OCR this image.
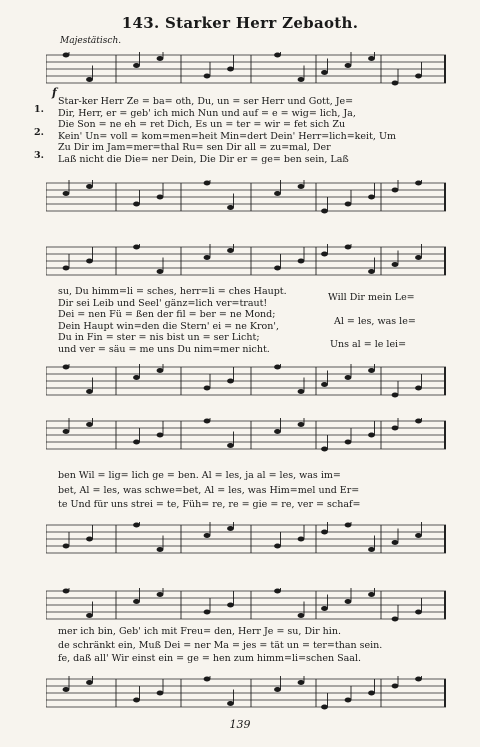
143. Starker Herr Zebaoth.
Majestätisch.
f
1.
2.
3.
Star-ker Herr Ze = ba= oth, Du, un = ser Herr und Gott, Je=
Dir, Herr, er = geb' ich mich Nun und auf = e = wig= lich, Ja,
Die Son = ne eh = ret Dich, Es un = ter = wir = fet sich Zu
Kein' Un= voll = kom=men=heit Min=dert Dein' Herr=lich=keit, Um
Zu Dir im Jam=mer=thal Ru= sen Dir all = zu=mal, Der
Laß nicht die Die= ner Dein, Die Dir er = ge= ben sein, Laß
su, Du himm=li = sches, herr=li = ches Haupt.
Dir sei Leib und Seel' gänz=lich ver=traut!
Dei = nen Fü = ßen der fil = ber = ne Mond;
Dein Haupt win=den die Stern' ei = ne Kron',
Du in Fin = ster = nis bist un = ser Licht;
und ver = säu = me uns Du nim=mer nicht.
Will Dir mein Le=
Al = les, was le=
Uns al = le lei=
ben Wil = lig= lich ge = ben. Al = les, ja al = les, was im=
bet, Al = les, was schwe=bet, Al = les, was Him=mel und Er=
te Und für uns strei = te, Füh= re, re = gie = re, ver = schaf=
mer ich bin, Geb' ich mit Freu= den, Herr Je = su, Dir hin.
de schränkt ein, Muß Dei = ner Ma = jes = tät un = ter=than sein.
fe, daß all' Wir einst ein = ge = hen zum himm=li=schen Saal.
139
